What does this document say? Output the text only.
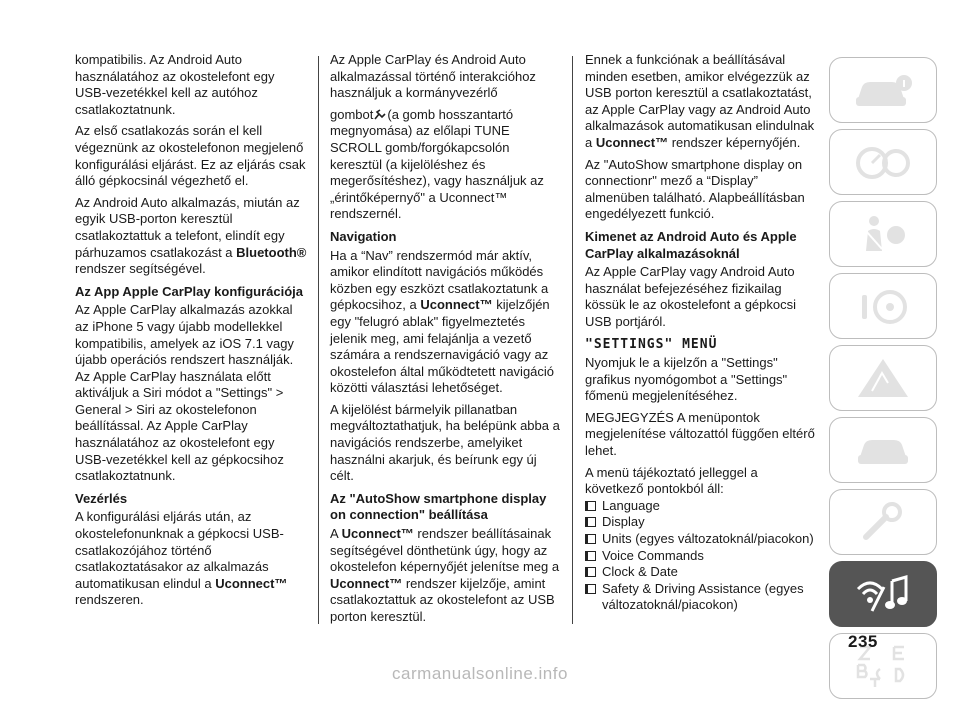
kompatibilis. Az Android Auto használatához az okostelefont egy USB-vezetékkel kell az autóhoz csatlakoztatnunk.

Az első csatlakozás során el kell végeznünk az okostelefonon megjelenő konfigurálási eljárást. Ez az eljárás csak álló gépkocsinál végezhető el.

Az Android Auto alkalmazás, miután az egyik USB-porton keresztül csatlakoztattuk a telefont, elindít egy párhuzamos csatlakozást a Bluetooth® rendszer segítségével.

Az App Apple CarPlay konfigurációja

Az Apple CarPlay alkalmazás azokkal az iPhone 5 vagy újabb modellekkel kompatibilis, amelyek az iOS 7.1 vagy újabb operációs rendszert használják. Az Apple CarPlay használata előtt aktiváljuk a Siri módot a "Settings" > General > Siri az okostelefonon beállítással. Az Apple CarPlay használatához az okostelefont egy USB-vezetékkel kell az gépkocsihoz csatlakoztatnunk.

Vezérlés

A konfigurálási eljárás után, az okostelefonunknak a gépkocsi USB-csatlakozójához történő csatlakoztatásakor az alkalmazás automatikusan elindul a Uconnect™ rendszeren.

Az Apple CarPlay és Android Auto alkalmazással történő interakcióhoz használjuk a kormányvezérlő

gombot (a gomb hosszantartó megnyomása) az előlapi TUNE SCROLL gomb/forgókapcsolón keresztül (a kijelöléshez és megerősítéshez), vagy használjuk az „érintőképernyő" a Uconnect™ rendszernél.

Navigation

Ha a “Nav” rendszermód már aktív, amikor elindított navigációs működés közben egy eszközt csatlakoztatunk a gépkocsihoz, a Uconnect™ kijelzőjén egy "felugró ablak" figyelmeztetés jelenik meg, ami felajánlja a vezető számára a rendszernavigáció vagy az okostelefon által működtetett navigáció közötti választási lehetőséget.

A kijelölést bármelyik pillanatban megváltoztathatjuk, ha belépünk abba a navigációs rendszerbe, amelyiket használni akarjuk, és beírunk egy új célt.

Az "AutoShow smartphone display on connection" beállítása

A Uconnect™ rendszer beállításainak segítségével dönthetünk úgy, hogy az okostelefon képernyőjét jelenítse meg a Uconnect™ rendszer kijelzője, amint csatlakoztattuk az okostelefont az USB porton keresztül.

Ennek a funkciónak a beállításával minden esetben, amikor elvégezzük az USB porton keresztül a csatlakoztatást, az Apple CarPlay vagy az Android Auto alkalmazások automatikusan elindulnak a Uconnect™ rendszer képernyőjén.

Az "AutoShow smartphone display on connectionr" mező a “Display” almenüben található. Alapbeállításban engedélyezett funkció.

Kimenet az Android Auto és Apple CarPlay alkalmazásoknál

Az Apple CarPlay vagy Android Auto használat befejezéséhez fizikailag kössük le az okostelefont a gépkocsi USB portjáról.

"SETTINGS" MENÜ

Nyomjuk le a kijelzőn a "Settings" grafikus nyomógombot a "Settings" főmenü megjelenítéséhez.

MEGJEGYZÉS A menüpontok megjelenítése változattól függően eltérő lehet.

A menü tájékoztató jelleggel a következő pontokból áll:

Language
Display
Units (egyes változatoknál/piacokon)
Voice Commands
Clock & Date
Safety & Driving Assistance (egyes változatoknál/piacokon)
235
carmanualsonline.info
